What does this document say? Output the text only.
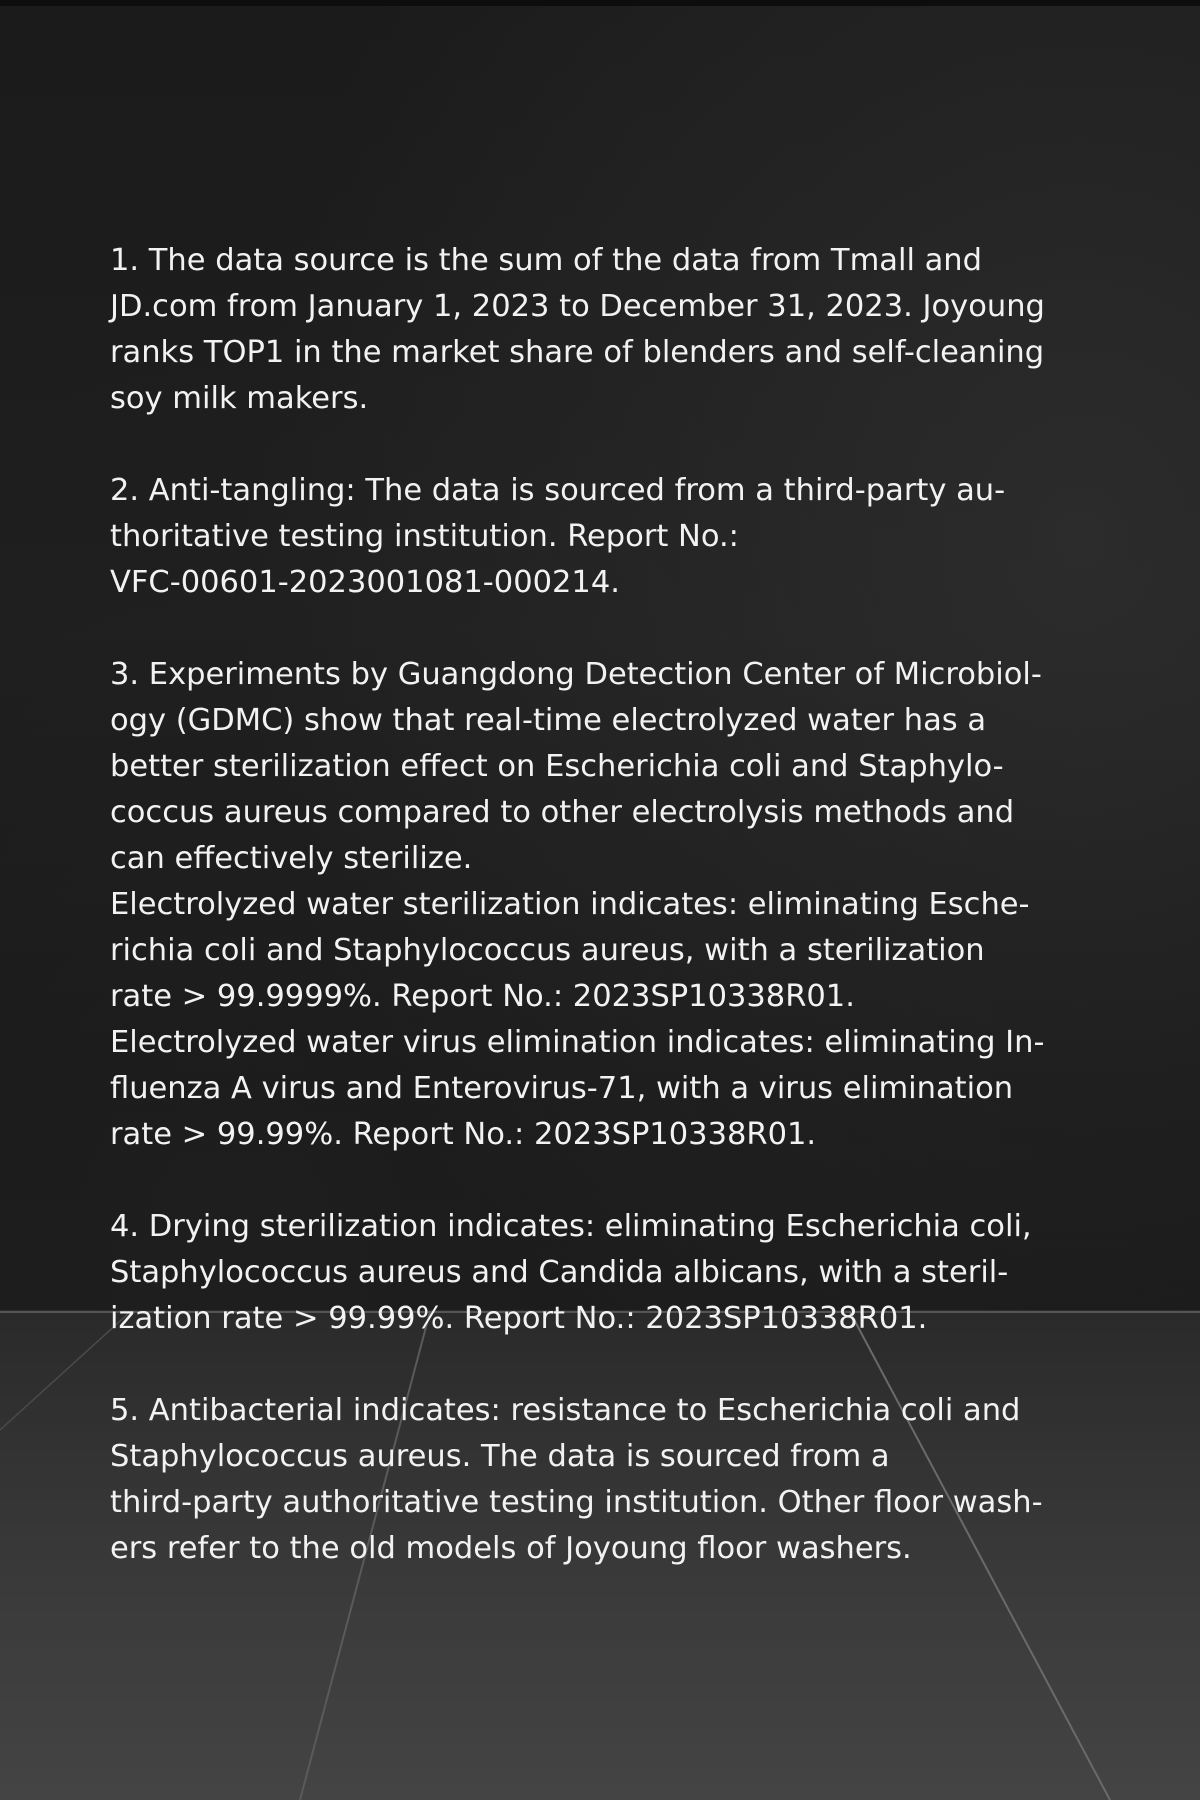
1. The data source is the sum of the data from Tmall and
JD.com from January 1, 2023 to December 31, 2023. Joyoung
ranks TOP1 in the market share of blenders and self-cleaning
soy milk makers.

2. Anti-tangling: The data is sourced from a third-party au-
thoritative testing institution. Report No.:
VFC-00601-2023001081-000214.

3. Experiments by Guangdong Detection Center of Microbiol-
ogy (GDMC) show that real-time electrolyzed water has a
better sterilization effect on Escherichia coli and Staphylo-
coccus aureus compared to other electrolysis methods and
can effectively sterilize.
Electrolyzed water sterilization indicates: eliminating Esche-
richia coli and Staphylococcus aureus, with a sterilization
rate > 99.9999%. Report No.: 2023SP10338R01.
Electrolyzed water virus elimination indicates: eliminating In-
fluenza A virus and Enterovirus-71, with a virus elimination
rate > 99.99%. Report No.: 2023SP10338R01.

4. Drying sterilization indicates: eliminating Escherichia coli,
Staphylococcus aureus and Candida albicans, with a steril-
ization rate > 99.99%. Report No.: 2023SP10338R01.

5. Antibacterial indicates: resistance to Escherichia coli and
Staphylococcus aureus. The data is sourced from a
third-party authoritative testing institution. Other floor wash-
ers refer to the old models of Joyoung floor washers.
